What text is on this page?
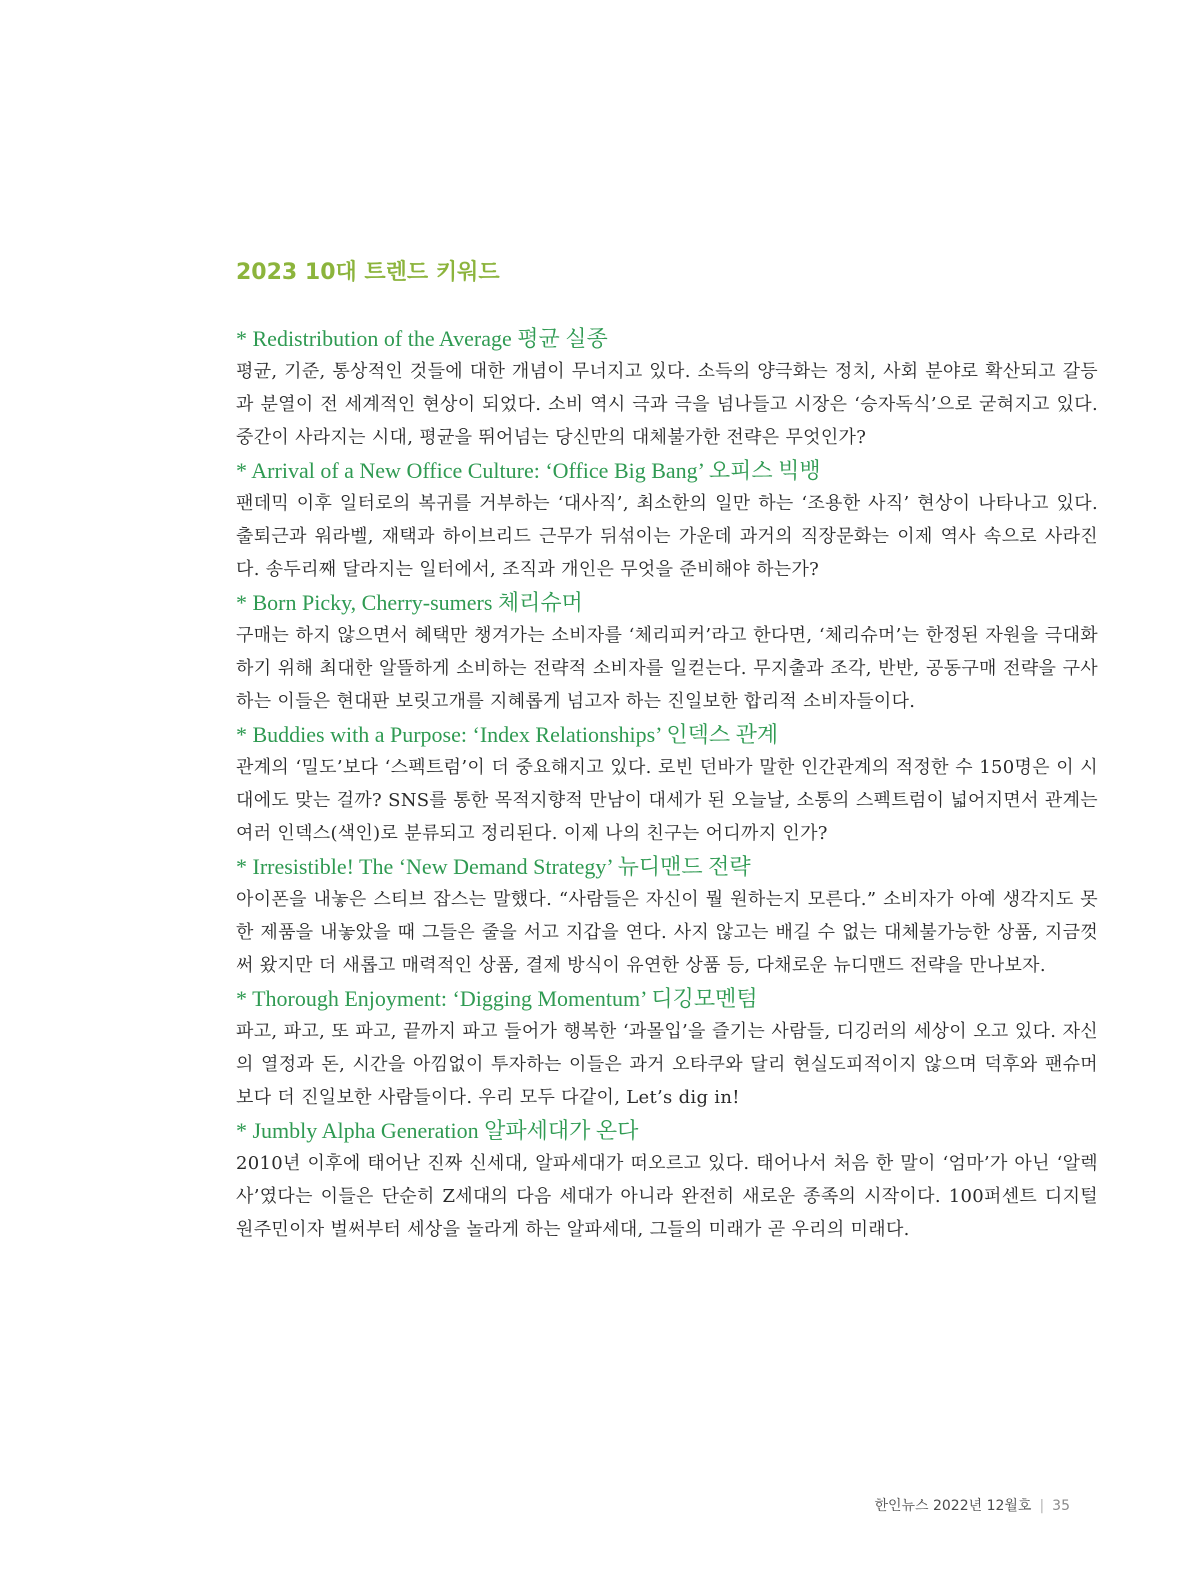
2023 10대 트렌드 키워드
* Redistribution of the Average 평균 실종

평균, 기준, 통상적인 것들에 대한 개념이 무너지고 있다. 소득의 양극화는 정치, 사회 분야로 확산되고 갈등과 분열이 전 세계적인 현상이 되었다. 소비 역시 극과 극을 넘나들고 시장은 ‘승자독식’으로 굳혀지고 있다. 중간이 사라지는 시대, 평균을 뛰어넘는 당신만의 대체불가한 전략은 무엇인가?

* Arrival of a New Office Culture: ‘Office Big Bang’ 오피스 빅뱅

팬데믹 이후 일터로의 복귀를 거부하는 ‘대사직’, 최소한의 일만 하는 ‘조용한 사직’ 현상이 나타나고 있다. 출퇴근과 워라벨, 재택과 하이브리드 근무가 뒤섞이는 가운데 과거의 직장문화는 이제 역사 속으로 사라진다. 송두리째 달라지는 일터에서, 조직과 개인은 무엇을 준비해야 하는가?

* Born Picky, Cherry-sumers 체리슈머

구매는 하지 않으면서 혜택만 챙겨가는 소비자를 ‘체리피커’라고 한다면, ‘체리슈머’는 한정된 자원을 극대화하기 위해 최대한 알뜰하게 소비하는 전략적 소비자를 일컫는다. 무지출과 조각, 반반, 공동구매 전략을 구사하는 이들은 현대판 보릿고개를 지혜롭게 넘고자 하는 진일보한 합리적 소비자들이다.

* Buddies with a Purpose: ‘Index Relationships’ 인덱스 관계

관계의 ‘밀도’보다 ‘스펙트럼’이 더 중요해지고 있다. 로빈 던바가 말한 인간관계의 적정한 수 150명은 이 시대에도 맞는 걸까? SNS를 통한 목적지향적 만남이 대세가 된 오늘날, 소통의 스펙트럼이 넓어지면서 관계는 여러 인덱스(색인)로 분류되고 정리된다. 이제 나의 친구는 어디까지 인가?

* Irresistible! The ‘New Demand Strategy’ 뉴디맨드 전략

아이폰을 내놓은 스티브 잡스는 말했다. “사람들은 자신이 뭘 원하는지 모른다.” 소비자가 아예 생각지도 못한 제품을 내놓았을 때 그들은 줄을 서고 지갑을 연다. 사지 않고는 배길 수 없는 대체불가능한 상품, 지금껏 써 왔지만 더 새롭고 매력적인 상품, 결제 방식이 유연한 상품 등, 다채로운 뉴디맨드 전략을 만나보자.

* Thorough Enjoyment: ‘Digging Momentum’ 디깅모멘텀

파고, 파고, 또 파고, 끝까지 파고 들어가 행복한 ‘과몰입’을 즐기는 사람들, 디깅러의 세상이 오고 있다. 자신의 열정과 돈, 시간을 아낌없이 투자하는 이들은 과거 오타쿠와 달리 현실도피적이지 않으며 덕후와 팬슈머보다 더 진일보한 사람들이다. 우리 모두 다같이, Let’s dig in!

* Jumbly Alpha Generation 알파세대가 온다

2010년 이후에 태어난 진짜 신세대, 알파세대가 떠오르고 있다. 태어나서 처음 한 말이 ‘엄마’가 아닌 ‘알렉사’였다는 이들은 단순히 Z세대의 다음 세대가 아니라 완전히 새로운 종족의 시작이다. 100퍼센트 디지털 원주민이자 벌써부터 세상을 놀라게 하는 알파세대, 그들의 미래가 곧 우리의 미래다.

한인뉴스 2022년 12월호 | 35
